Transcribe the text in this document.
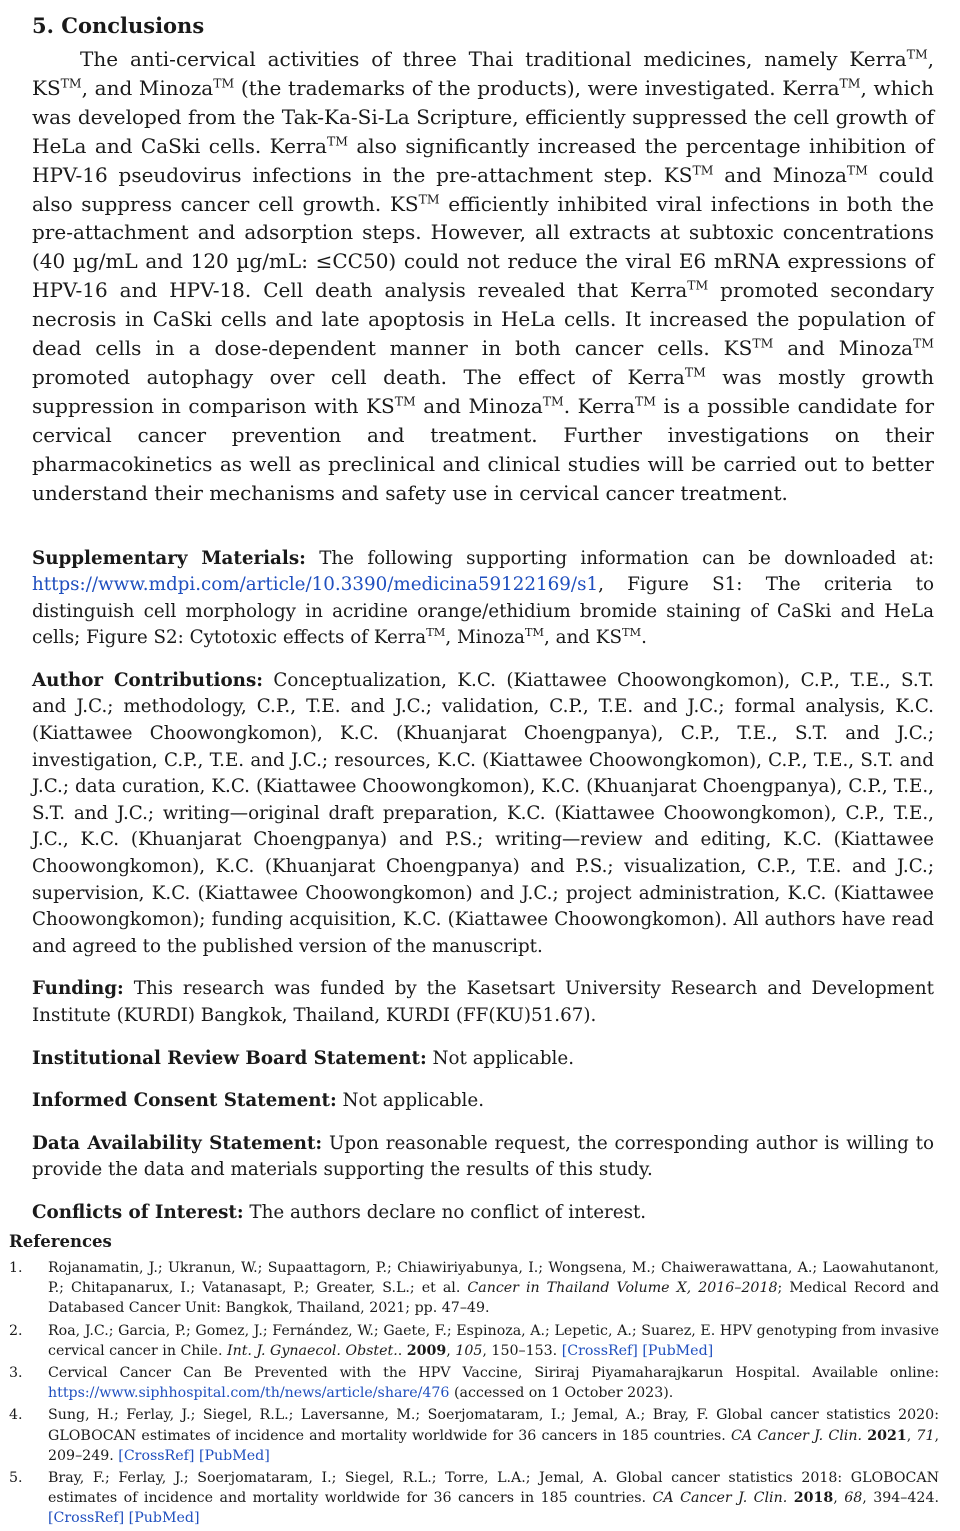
5. Conclusions

The anti-cervical activities of three Thai traditional medicines, namely Kerra™, KS™, and Minoza™ (the trademarks of the products), were investigated. Kerra™, which was developed from the Tak-Ka-Si-La Scripture, efficiently suppressed the cell growth of HeLa and CaSki cells. Kerra™ also significantly increased the percentage inhibition of HPV-16 pseudovirus infections in the pre-attachment step. KS™ and Minoza™ could also suppress cancer cell growth. KS™ efficiently inhibited viral infections in both the pre-attachment and adsorption steps. However, all extracts at subtoxic concentrations (40 µg/mL and 120 µg/mL: ≤CC50) could not reduce the viral E6 mRNA expressions of HPV-16 and HPV-18. Cell death analysis revealed that Kerra™ promoted secondary necrosis in CaSki cells and late apoptosis in HeLa cells. It increased the population of dead cells in a dose-dependent manner in both cancer cells. KS™ and Minoza™ promoted autophagy over cell death. The effect of Kerra™ was mostly growth suppression in comparison with KS™ and Minoza™. Kerra™ is a possible candidate for cervical cancer prevention and treatment. Further investigations on their pharmacokinetics as well as preclinical and clinical studies will be carried out to better understand their mechanisms and safety use in cervical cancer treatment.

Supplementary Materials: The following supporting information can be downloaded at: https://www.mdpi.com/article/10.3390/medicina59122169/s1, Figure S1: The criteria to distinguish cell morphology in acridine orange/ethidium bromide staining of CaSki and HeLa cells; Figure S2: Cytotoxic effects of Kerra™, Minoza™, and KS™.

Author Contributions: Conceptualization, K.C. (Kiattawee Choowongkomon), C.P., T.E., S.T. and J.C.; methodology, C.P., T.E. and J.C.; validation, C.P., T.E. and J.C.; formal analysis, K.C. (Kiattawee Choowongkomon), K.C. (Khuanjarat Choengpanya), C.P., T.E., S.T. and J.C.; investigation, C.P., T.E. and J.C.; resources, K.C. (Kiattawee Choowongkomon), C.P., T.E., S.T. and J.C.; data curation, K.C. (Kiattawee Choowongkomon), K.C. (Khuanjarat Choengpanya), C.P., T.E., S.T. and J.C.; writing—original draft preparation, K.C. (Kiattawee Choowongkomon), C.P., T.E., J.C., K.C. (Khuanjarat Choengpanya) and P.S.; writing—review and editing, K.C. (Kiattawee Choowongkomon), K.C. (Khuanjarat Choengpanya) and P.S.; visualization, C.P., T.E. and J.C.; supervision, K.C. (Kiattawee Choowongkomon) and J.C.; project administration, K.C. (Kiattawee Choowongkomon); funding acquisition, K.C. (Kiattawee Choowongkomon). All authors have read and agreed to the published version of the manuscript.

Funding: This research was funded by the Kasetsart University Research and Development Institute (KURDI) Bangkok, Thailand, KURDI (FF(KU)51.67).

Institutional Review Board Statement: Not applicable.

Informed Consent Statement: Not applicable.

Data Availability Statement: Upon reasonable request, the corresponding author is willing to provide the data and materials supporting the results of this study.

Conflicts of Interest: The authors declare no conflict of interest.

References
1. Rojanamatin, J.; Ukranun, W.; Supaattagorn, P.; Chiawiriyabunya, I.; Wongsena, M.; Chaiwerawattana, A.; Laowahutanont, P.; Chitapanarux, I.; Vatanasapt, P.; Greater, S.L.; et al. Cancer in Thailand Volume X, 2016–2018; Medical Record and Databased Cancer Unit: Bangkok, Thailand, 2021; pp. 47–49.
2. Roa, J.C.; Garcia, P.; Gomez, J.; Fernández, W.; Gaete, F.; Espinoza, A.; Lepetic, A.; Suarez, E. HPV genotyping from invasive cervical cancer in Chile. Int. J. Gynaecol. Obstet.. 2009, 105, 150–153. [CrossRef] [PubMed]
3. Cervical Cancer Can Be Prevented with the HPV Vaccine, Siriraj Piyamaharajkarun Hospital. Available online: https://www.siphhospital.com/th/news/article/share/476 (accessed on 1 October 2023).
4. Sung, H.; Ferlay, J.; Siegel, R.L.; Laversanne, M.; Soerjomataram, I.; Jemal, A.; Bray, F. Global cancer statistics 2020: GLOBOCAN estimates of incidence and mortality worldwide for 36 cancers in 185 countries. CA Cancer J. Clin. 2021, 71, 209–249. [CrossRef] [PubMed]
5. Bray, F.; Ferlay, J.; Soerjomataram, I.; Siegel, R.L.; Torre, L.A.; Jemal, A. Global cancer statistics 2018: GLOBOCAN estimates of incidence and mortality worldwide for 36 cancers in 185 countries. CA Cancer J. Clin. 2018, 68, 394–424. [CrossRef] [PubMed]
